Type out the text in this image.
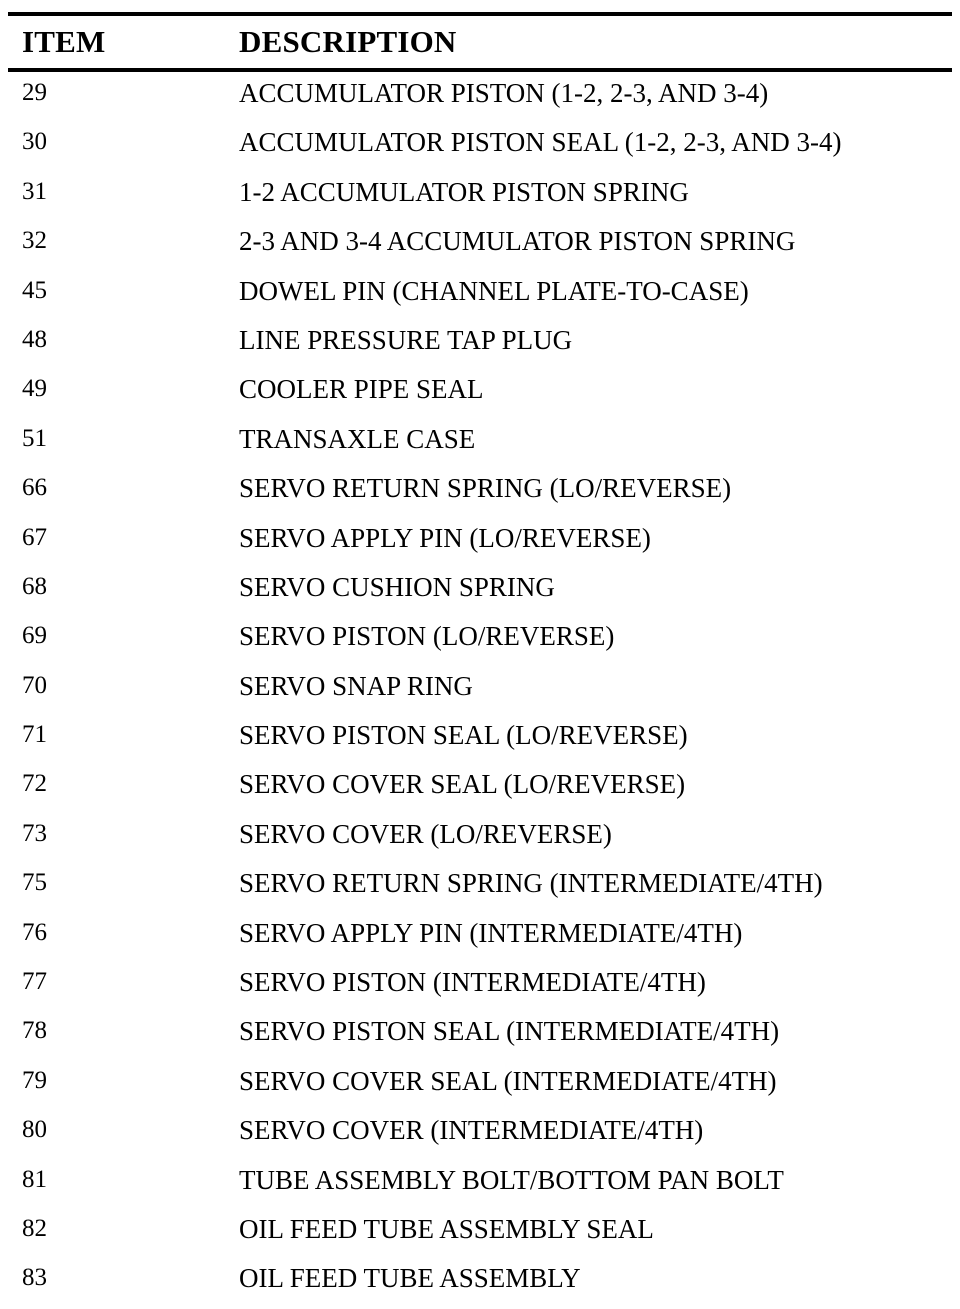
ITEM	DESCRIPTION
29	ACCUMULATOR PISTON (1-2, 2-3, AND 3-4)
30	ACCUMULATOR PISTON SEAL (1-2, 2-3, AND 3-4)
31	1-2 ACCUMULATOR PISTON SPRING
32	2-3 AND 3-4 ACCUMULATOR PISTON SPRING
45	DOWEL PIN (CHANNEL PLATE-TO-CASE)
48	LINE PRESSURE TAP PLUG
49	COOLER PIPE SEAL
51	TRANSAXLE CASE
66	SERVO RETURN SPRING (LO/REVERSE)
67	SERVO APPLY PIN (LO/REVERSE)
68	SERVO CUSHION SPRING
69	SERVO PISTON (LO/REVERSE)
70	SERVO SNAP RING
71	SERVO PISTON SEAL (LO/REVERSE)
72	SERVO COVER SEAL (LO/REVERSE)
73	SERVO COVER (LO/REVERSE)
75	SERVO RETURN SPRING (INTERMEDIATE/4TH)
76	SERVO APPLY PIN (INTERMEDIATE/4TH)
77	SERVO PISTON (INTERMEDIATE/4TH)
78	SERVO PISTON SEAL (INTERMEDIATE/4TH)
79	SERVO COVER SEAL (INTERMEDIATE/4TH)
80	SERVO COVER (INTERMEDIATE/4TH)
81	TUBE ASSEMBLY BOLT/BOTTOM PAN BOLT
82	OIL FEED TUBE ASSEMBLY SEAL
83	OIL FEED TUBE ASSEMBLY
